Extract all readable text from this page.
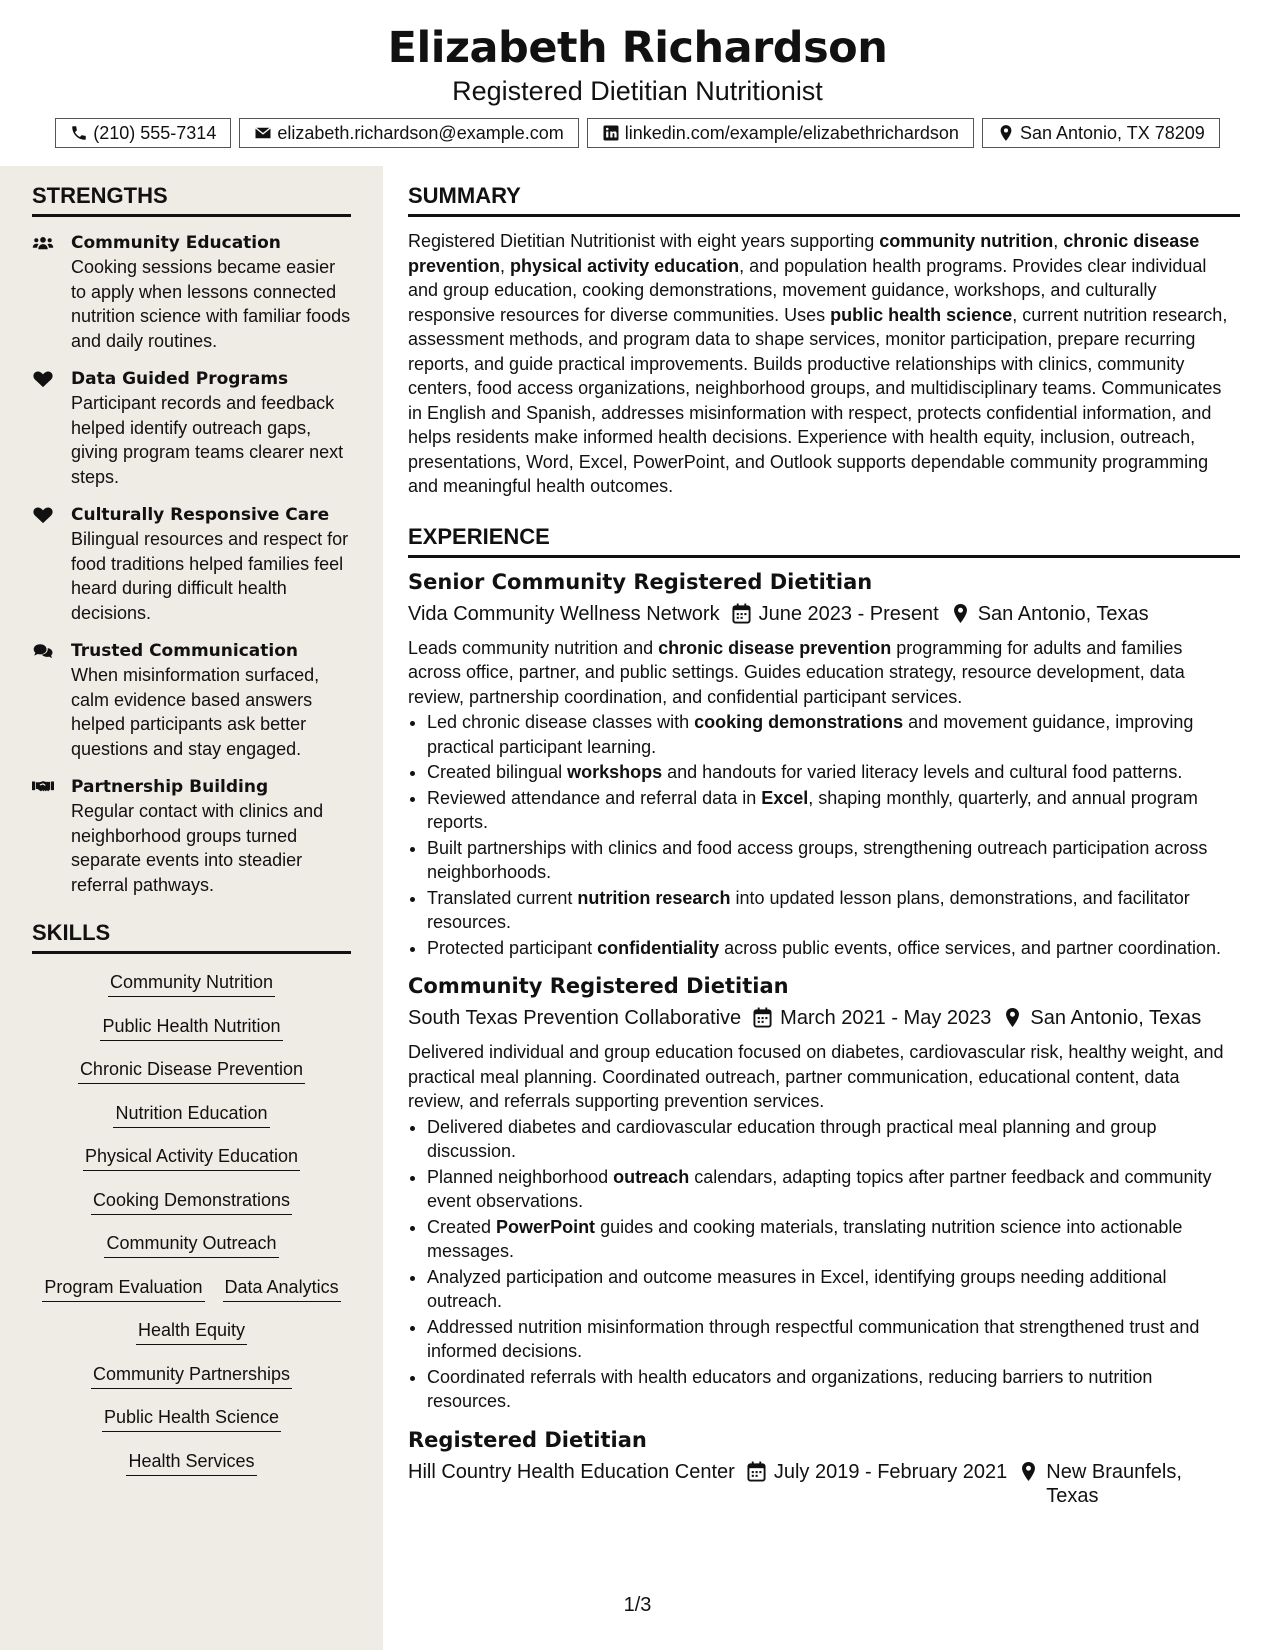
Elizabeth Richardson
Registered Dietitian Nutritionist
(210) 555-7314	elizabeth.richardson@example.com	linkedin.com/example/elizabethrichardson	San Antonio, TX 78209
STRENGTHS
Community Education
Cooking sessions became easier to apply when lessons connected nutrition science with familiar foods and daily routines.
Data Guided Programs
Participant records and feedback helped identify outreach gaps, giving program teams clearer next steps.
Culturally Responsive Care
Bilingual resources and respect for food traditions helped families feel heard during difficult health decisions.
Trusted Communication
When misinformation surfaced, calm evidence based answers helped participants ask better questions and stay engaged.
Partnership Building
Regular contact with clinics and neighborhood groups turned separate events into steadier referral pathways.
SKILLS
Community Nutrition
Public Health Nutrition
Chronic Disease Prevention
Nutrition Education
Physical Activity Education
Cooking Demonstrations
Community Outreach
Program Evaluation Data Analytics
Health Equity
Community Partnerships
Public Health Science
Health Services
SUMMARY

Registered Dietitian Nutritionist with eight years supporting community nutrition, chronic disease prevention, physical activity education, and population health programs. Provides clear individual and group education, cooking demonstrations, movement guidance, workshops, and culturally responsive resources for diverse communities. Uses public health science, current nutrition research, assessment methods, and program data to shape services, monitor participation, prepare recurring reports, and guide practical improvements. Builds productive relationships with clinics, community centers, food access organizations, neighborhood groups, and multidisciplinary teams. Communicates in English and Spanish, addresses misinformation with respect, protects confidential information, and helps residents make informed health decisions. Experience with health equity, inclusion, outreach, presentations, Word, Excel, PowerPoint, and Outlook supports dependable community programming and meaningful health outcomes.

EXPERIENCE
Senior Community Registered Dietitian
Vida Community Wellness Network June 2023 - Present San Antonio, Texas
Leads community nutrition and chronic disease prevention programming for adults and families across office, partner, and public settings. Guides education strategy, resource development, data review, partnership coordination, and confidential participant services.
• Led chronic disease classes with cooking demonstrations and movement guidance, improving practical participant learning.
• Created bilingual workshops and handouts for varied literacy levels and cultural food patterns.
• Reviewed attendance and referral data in Excel, shaping monthly, quarterly, and annual program reports.
• Built partnerships with clinics and food access groups, strengthening outreach participation across neighborhoods.
• Translated current nutrition research into updated lesson plans, demonstrations, and facilitator resources.
• Protected participant confidentiality across public events, office services, and partner coordination.
Community Registered Dietitian
South Texas Prevention Collaborative March 2021 - May 2023 San Antonio, Texas
Delivered individual and group education focused on diabetes, cardiovascular risk, healthy weight, and practical meal planning. Coordinated outreach, partner communication, educational content, data review, and referrals supporting prevention services.
• Delivered diabetes and cardiovascular education through practical meal planning and group discussion.
• Planned neighborhood outreach calendars, adapting topics after partner feedback and community event observations.
• Created PowerPoint guides and cooking materials, translating nutrition science into actionable messages.
• Analyzed participation and outcome measures in Excel, identifying groups needing additional outreach.
• Addressed nutrition misinformation through respectful communication that strengthened trust and informed decisions.
• Coordinated referrals with health educators and organizations, reducing barriers to nutrition resources.
Registered Dietitian
Hill Country Health Education Center July 2019 - February 2021 New Braunfels, Texas
1/3
